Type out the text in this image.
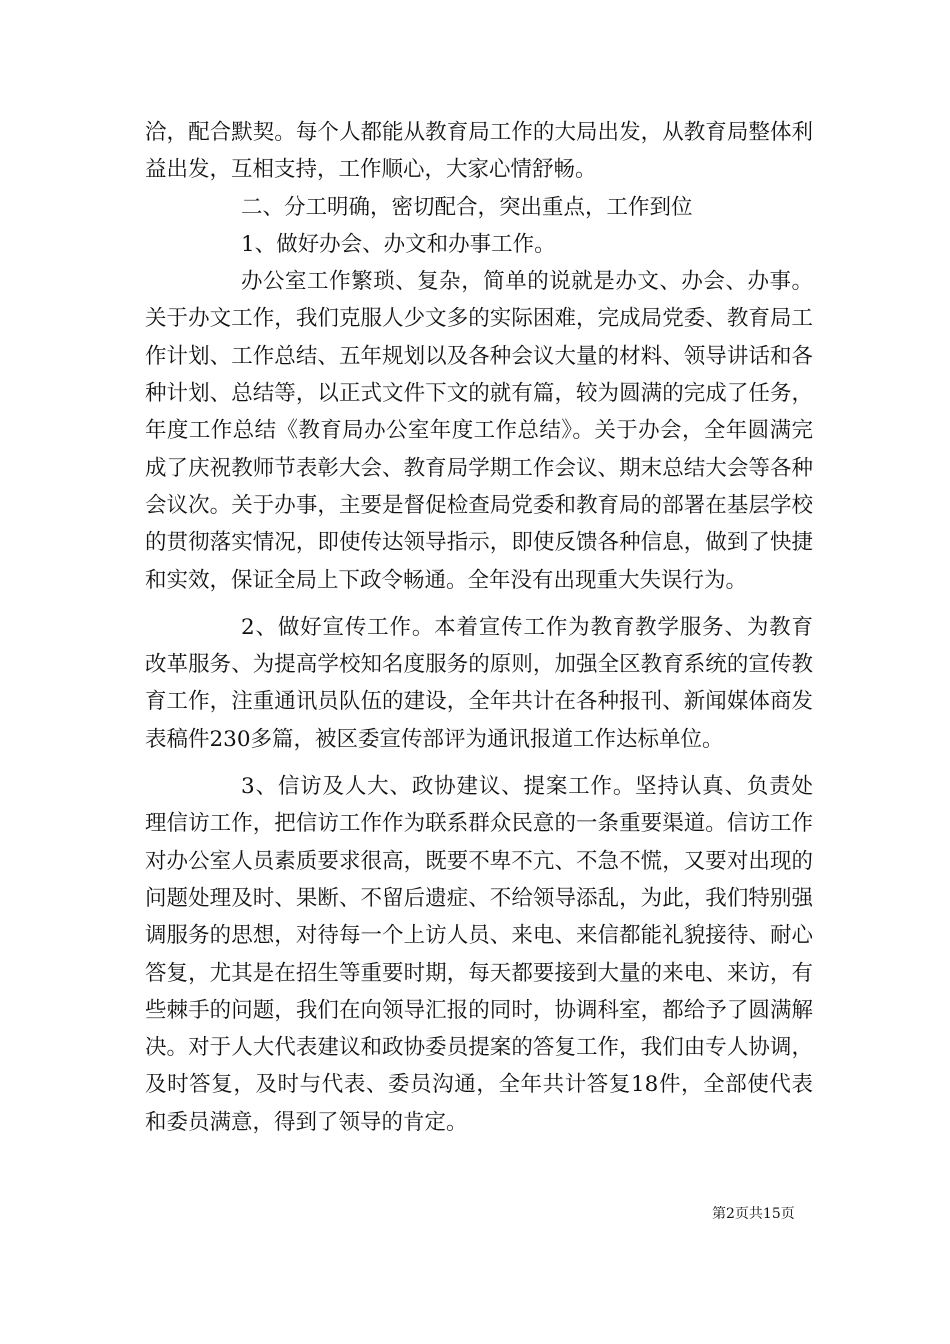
洽，配合默契。每个人都能从教育局工作的大局出发，从教育局整体利益出发，互相支持，工作顺心，大家心情舒畅。

二、分工明确，密切配合，突出重点，工作到位

1、做好办会、办文和办事工作。

办公室工作繁琐、复杂，简单的说就是办文、办会、办事。关于办文工作，我们克服人少文多的实际困难，完成局党委、教育局工作计划、工作总结、五年规划以及各种会议大量的材料、领导讲话和各种计划、总结等，以正式文件下文的就有篇，较为圆满的完成了任务，年度工作总结《教育局办公室年度工作总结》。关于办会，全年圆满完成了庆祝教师节表彰大会、教育局学期工作会议、期末总结大会等各种会议次。关于办事，主要是督促检查局党委和教育局的部署在基层学校的贯彻落实情况，即使传达领导指示，即使反馈各种信息，做到了快捷和实效，保证全局上下政令畅通。全年没有出现重大失误行为。

2、做好宣传工作。本着宣传工作为教育教学服务、为教育改革服务、为提高学校知名度服务的原则，加强全区教育系统的宣传教育工作，注重通讯员队伍的建设，全年共计在各种报刊、新闻媒体商发表稿件230多篇，被区委宣传部评为通讯报道工作达标单位。

3、信访及人大、政协建议、提案工作。坚持认真、负责处理信访工作，把信访工作作为联系群众民意的一条重要渠道。信访工作对办公室人员素质要求很高，既要不卑不亢、不急不慌，又要对出现的问题处理及时、果断、不留后遗症、不给领导添乱，为此，我们特别强调服务的思想，对待每一个上访人员、来电、来信都能礼貌接待、耐心答复，尤其是在招生等重要时期，每天都要接到大量的来电、来访，有些棘手的问题，我们在向领导汇报的同时，协调科室，都给予了圆满解决。对于人大代表建议和政协委员提案的答复工作，我们由专人协调，及时答复，及时与代表、委员沟通，全年共计答复18件，全部使代表和委员满意，得到了领导的肯定。

第2页共15页
